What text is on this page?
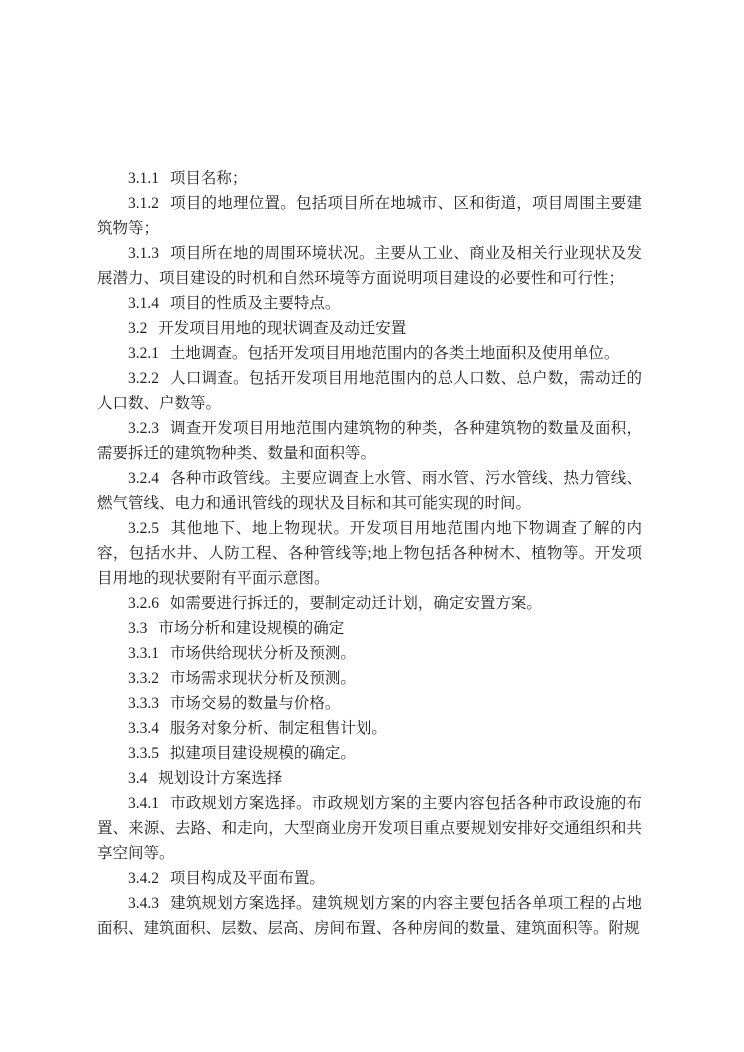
3.1.1 项目名称；

3.1.2 项目的地理位置。包括项目所在地城市、区和街道，项目周围主要建筑物等；

3.1.3 项目所在地的周围环境状况。主要从工业、商业及相关行业现状及发展潜力、项目建设的时机和自然环境等方面说明项目建设的必要性和可行性；

3.1.4 项目的性质及主要特点。

3.2 开发项目用地的现状调查及动迁安置

3.2.1 土地调查。包括开发项目用地范围内的各类土地面积及使用单位。

3.2.2 人口调查。包括开发项目用地范围内的总人口数、总户数，需动迁的人口数、户数等。

3.2.3 调查开发项目用地范围内建筑物的种类，各种建筑物的数量及面积，需要拆迁的建筑物种类、数量和面积等。

3.2.4 各种市政管线。主要应调查上水管、雨水管、污水管线、热力管线、燃气管线、电力和通讯管线的现状及目标和其可能实现的时间。

3.2.5 其他地下、地上物现状。开发项目用地范围内地下物调查了解的内容，包括水井、人防工程、各种管线等;地上物包括各种树木、植物等。开发项目用地的现状要附有平面示意图。

3.2.6 如需要进行拆迁的，要制定动迁计划，确定安置方案。

3.3 市场分析和建设规模的确定

3.3.1 市场供给现状分析及预测。

3.3.2 市场需求现状分析及预测。

3.3.3 市场交易的数量与价格。

3.3.4 服务对象分析、制定租售计划。

3.3.5 拟建项目建设规模的确定。

3.4 规划设计方案选择

3.4.1 市政规划方案选择。市政规划方案的主要内容包括各种市政设施的布置、来源、去路、和走向，大型商业房开发项目重点要规划安排好交通组织和共享空间等。

3.4.2 项目构成及平面布置。

3.4.3 建筑规划方案选择。建筑规划方案的内容主要包括各单项工程的占地面积、建筑面积、层数、层高、房间布置、各种房间的数量、建筑面积等。附规
